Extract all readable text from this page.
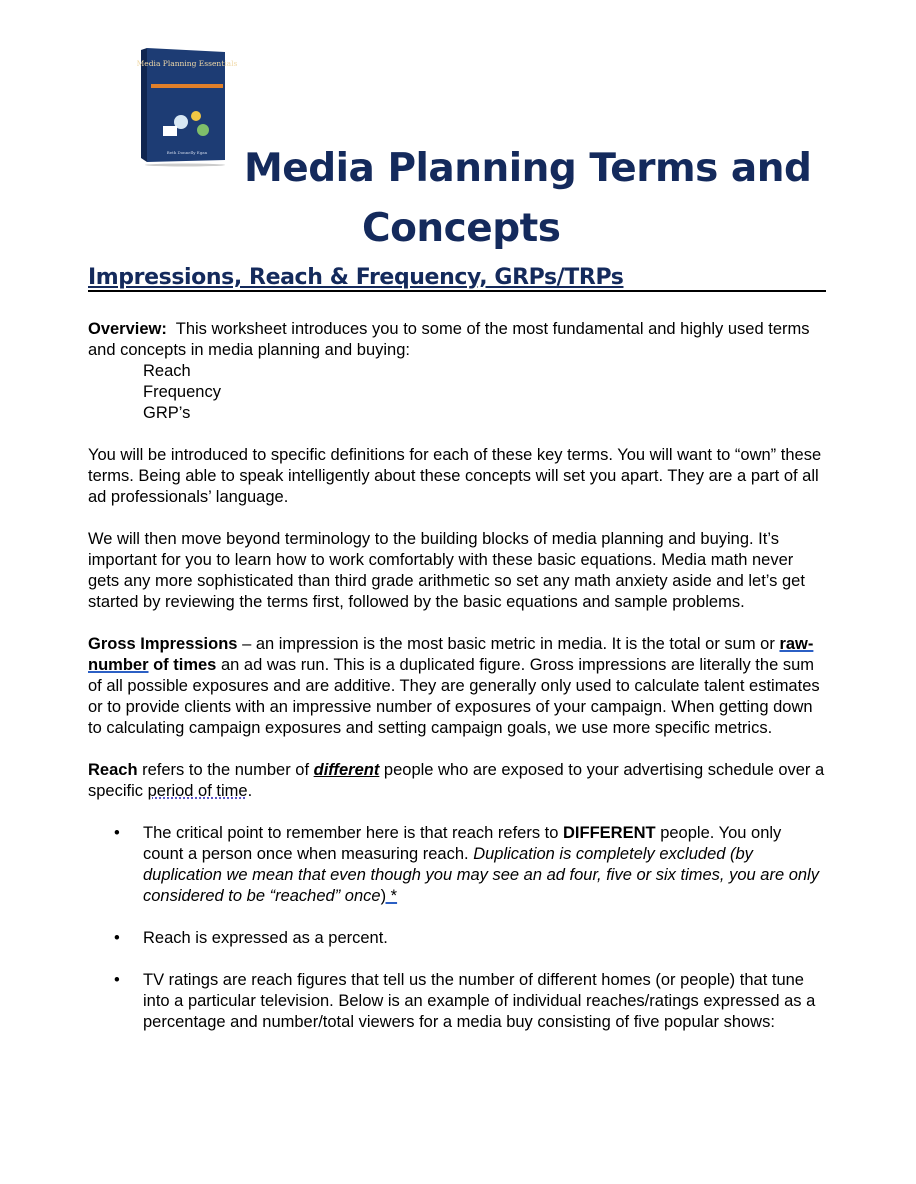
Media Planning Essentials
Beth Donnelly Egan Media Planning Terms and
Concepts
Impressions, Reach & Frequency, GRPs/TRPs

Overview: This worksheet introduces you to some of the most fundamental and highly used terms and concepts in media planning and buying:

Reach
Frequency
GRP’s

You will be introduced to specific definitions for each of these key terms. You will want to “own” these terms. Being able to speak intelligently about these concepts will set you apart. They are a part of all ad professionals’ language.

We will then move beyond terminology to the building blocks of media planning and buying. It’s important for you to learn how to work comfortably with these basic equations. Media math never gets any more sophisticated than third grade arithmetic so set any math anxiety aside and let’s get started by reviewing the terms first, followed by the basic equations and sample problems.

Gross Impressions – an impression is the most basic metric in media. It is the total or sum or raw-number of times an ad was run. This is a duplicated figure. Gross impressions are literally the sum of all possible exposures and are additive. They are generally only used to calculate talent estimates or to provide clients with an impressive number of exposures of your campaign. When getting down to calculating campaign exposures and setting campaign goals, we use more specific metrics.

Reach refers to the number of different people who are exposed to your advertising schedule over a specific period of time.

• The critical point to remember here is that reach refers to DIFFERENT people. You only count a person once when measuring reach. Duplication is completely excluded (by duplication we mean that even though you may see an ad four, five or six times, you are only considered to be “reached” once) *
• Reach is expressed as a percent.
• TV ratings are reach figures that tell us the number of different homes (or people) that tune into a particular television. Below is an example of individual reaches/ratings expressed as a percentage and number/total viewers for a media buy consisting of five popular shows:
